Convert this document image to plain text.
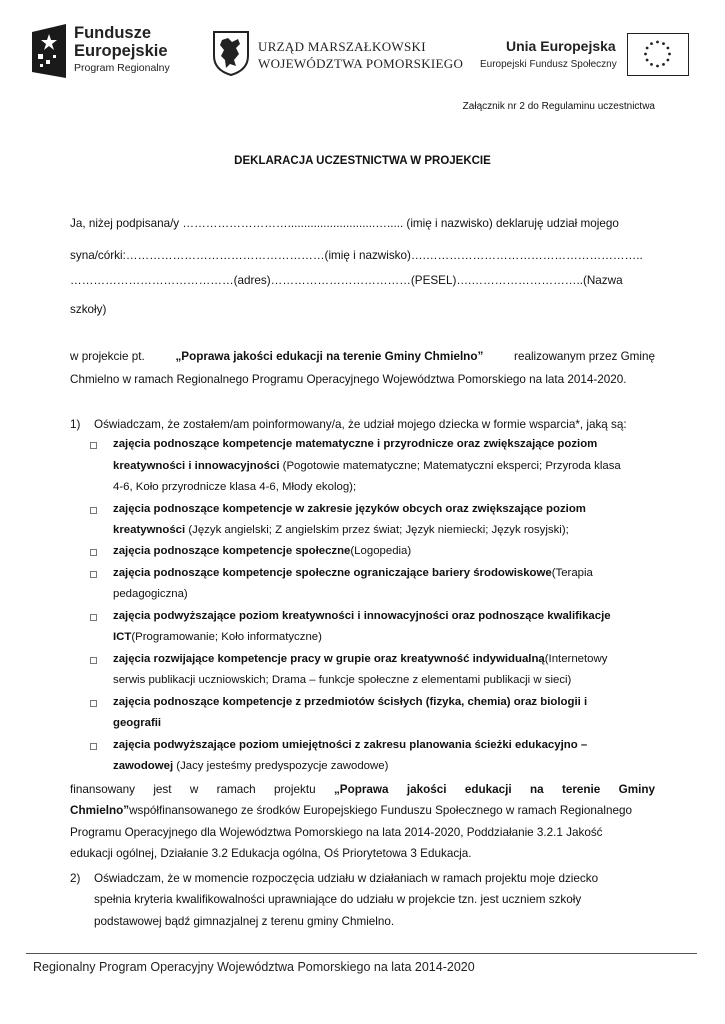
Fundusze
Europejskie
Program Regionalny
URZĄD MARSZAŁKOWSKI
WOJEWÓDZTWA POMORSKIEGO
Unia Europejska
Europejski Fundusz Społeczny
Załącznik nr 2 do Regulaminu uczestnictwa
DEKLARACJA UCZESTNICTWA W PROJEKCIE
Ja, niżej podpisana/y ………………………...........................…..... (imię i nazwisko) deklaruję udział mojego
syna/córki:……………………………………………(imię i nazwisko)….………………………………………………..
……………………………………(adres)………………………………(PESEL)….………………………..(Nazwa
szkoły)
w projekcie pt.	„Poprawa jakości edukacji na terenie Gminy Chmielno”	realizowanym przez Gminę
Chmielno w ramach Regionalnego Programu Operacyjnego Województwa Pomorskiego na lata 2014-2020.
1) Oświadczam, że zostałem/am poinformowany/a, że udział mojego dziecka w formie wsparcia*, jaką są:
zajęcia podnoszące kompetencje matematyczne i przyrodnicze oraz zwiększające poziom
kreatywności i innowacyjności (Pogotowie matematyczne; Matematyczni eksperci; Przyroda klasa
4-6, Koło przyrodnicze klasa 4-6, Młody ekolog);
zajęcia podnoszące kompetencje w zakresie języków obcych oraz zwiększające poziom
kreatywności (Język angielski; Z angielskim przez świat; Język niemiecki; Język rosyjski);
zajęcia podnoszące kompetencje społeczne(Logopedia)
zajęcia podnoszące kompetencje społeczne ograniczające bariery środowiskowe(Terapia
pedagogiczna)
zajęcia podwyższające poziom kreatywności i innowacyjności oraz podnoszące kwalifikacje
ICT(Programowanie; Koło informatyczne)
zajęcia rozwijające kompetencje pracy w grupie oraz kreatywność indywidualną(Internetowy
serwis publikacji uczniowskich; Drama – funkcje społeczne z elementami publikacji w sieci)
zajęcia podnoszące kompetencje z przedmiotów ścisłych (fizyka, chemia) oraz biologii i
geografii
zajęcia podwyższające poziom umiejętności z zakresu planowania ścieżki edukacyjno –
zawodowej (Jacy jesteśmy predyspozycje zawodowe)
finansowany jest w ramach projektu „Poprawa jakości edukacji na terenie Gminy
Chmielno”współfinansowanego ze środków Europejskiego Funduszu Społecznego w ramach Regionalnego
Programu Operacyjnego dla Województwa Pomorskiego na lata 2014-2020, Poddziałanie 3.2.1 Jakość
edukacji ogólnej, Działanie 3.2 Edukacja ogólna, Oś Priorytetowa 3 Edukacja.
2) Oświadczam, że w momencie rozpoczęcia udziału w działaniach w ramach projektu moje dziecko
spełnia kryteria kwalifikowalności uprawniające do udziału w projekcie tzn. jest uczniem szkoły
podstawowej bądź gimnazjalnej z terenu gminy Chmielno.
Regionalny Program Operacyjny Województwa Pomorskiego na lata 2014-2020
